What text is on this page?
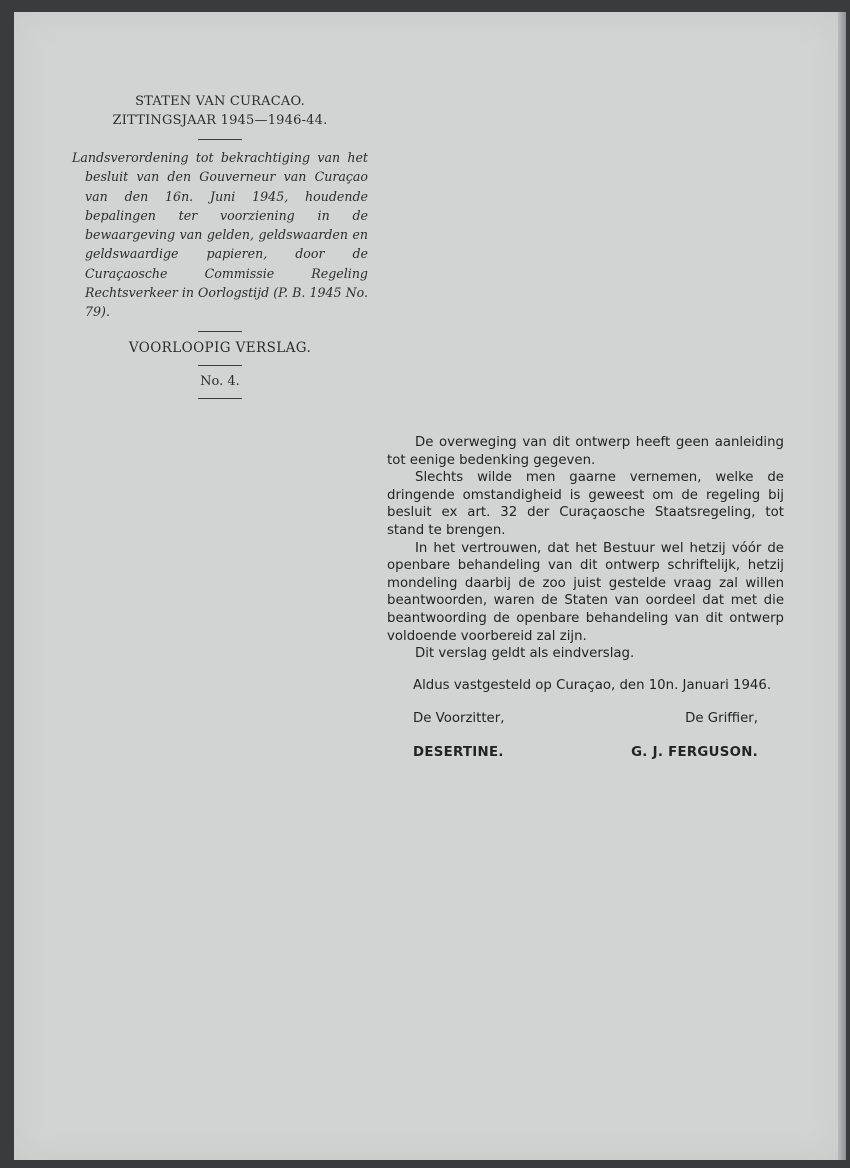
STATEN VAN CURACAO.
ZITTINGSJAAR 1945—1946-44.
Landsverordening tot bekrachtiging van het besluit van den Gouverneur van Curaçao van den 16n. Juni 1945, houdende bepalingen ter voorziening in de bewaargeving van gelden, geldswaarden en geldswaardige papieren, door de Curaçaosche Commissie Regeling Rechtsverkeer in Oorlogstijd (P. B. 1945 No. 79).
VOORLOOPIG VERSLAG.
No. 4.

De overweging van dit ontwerp heeft geen aanleiding tot eenige bedenking gegeven.

Slechts wilde men gaarne vernemen, welke de dringende omstandigheid is geweest om de regeling bij besluit ex art. 32 der Curaçaosche Staatsregeling, tot stand te brengen.

In het vertrouwen, dat het Bestuur wel hetzij vóór de openbare behandeling van dit ontwerp schriftelijk, hetzij mondeling daarbij de zoo juist gestelde vraag zal willen beantwoorden, waren de Staten van oordeel dat met die beantwoording de openbare behandeling van dit ontwerp voldoende voorbereid zal zijn.

Dit verslag geldt als eindverslag.

Aldus vastgesteld op Curaçao, den 10n. Januari 1946.

De Voorzitter,	De Griffier,
DESERTINE.	G. J. FERGUSON.
